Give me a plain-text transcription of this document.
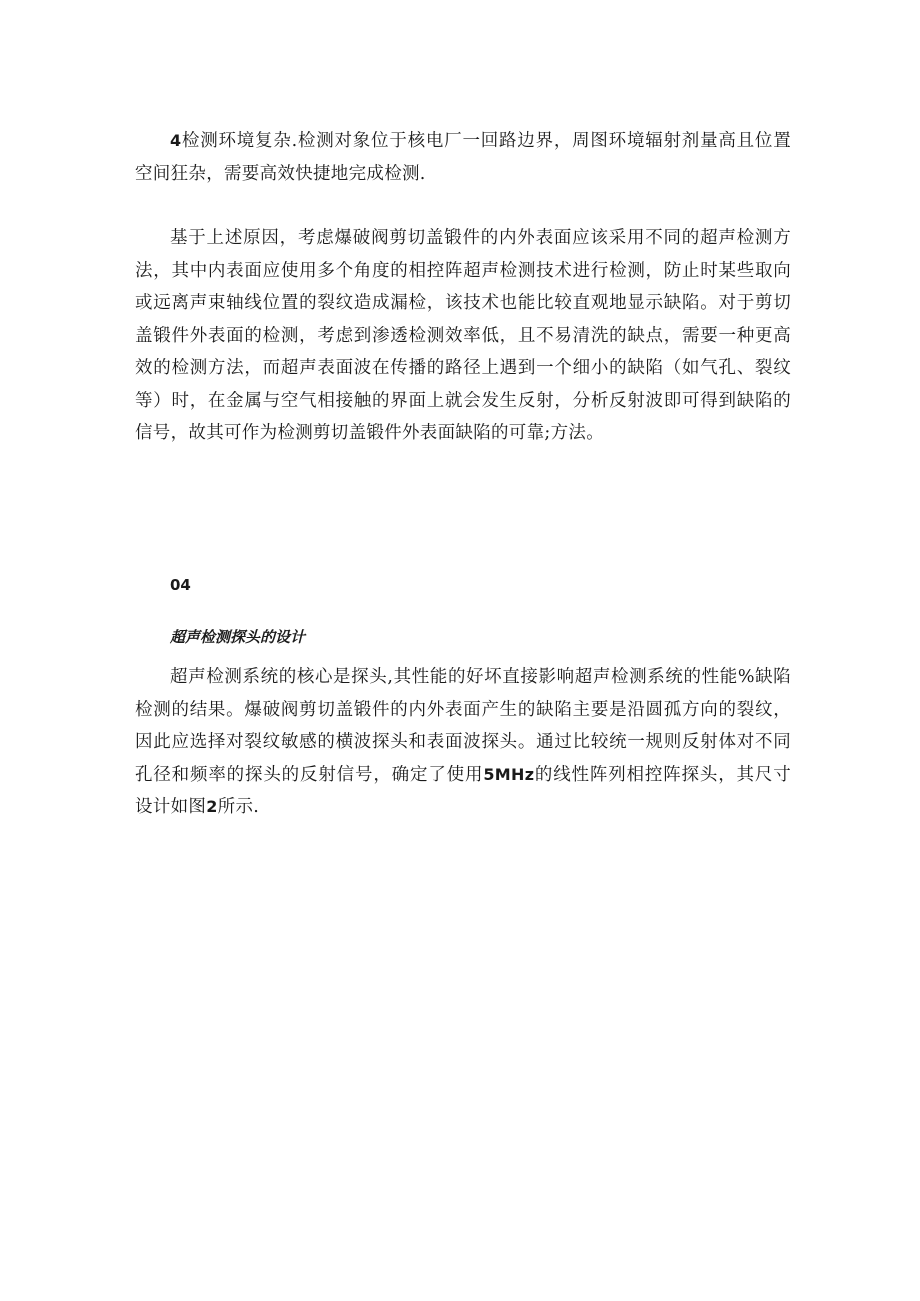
4检测环境复杂.检测对象位于核电厂一回路边界，周图环境辐射剂量高且位置空间狂杂，需要高效快捷地完成检测.

基于上述原因，考虑爆破阀剪切盖锻件的内外表面应该采用不同的超声检测方法，其中内表面应使用多个角度的相控阵超声检测技术进行检测，防止时某些取向或远离声束轴线位置的裂纹造成漏检，该技术也能比较直观地显示缺陷。对于剪切盖锻件外表面的检测，考虑到渗透检测效率低，且不易清洗的缺点，需要一种更高效的检测方法，而超声表面波在传播的路径上遇到一个细小的缺陷（如气孔、裂纹等）时，在金属与空气相接触的界面上就会发生反射，分析反射波即可得到缺陷的信号，故其可作为检测剪切盖锻件外表面缺陷的可靠;方法。

04

超声检测探头的设计

超声检测系统的核心是探头,其性能的好坏直接影响超声检测系统的性能%缺陷检测的结果。爆破阀剪切盖锻件的内外表面产生的缺陷主要是沿圆孤方向的裂纹，因此应选择对裂纹敏感的横波探头和表面波探头。通过比较统一规则反射体对不同孔径和频率的探头的反射信号，确定了使用5MHz的线性阵列相控阵探头，其尺寸设计如图2所示.
